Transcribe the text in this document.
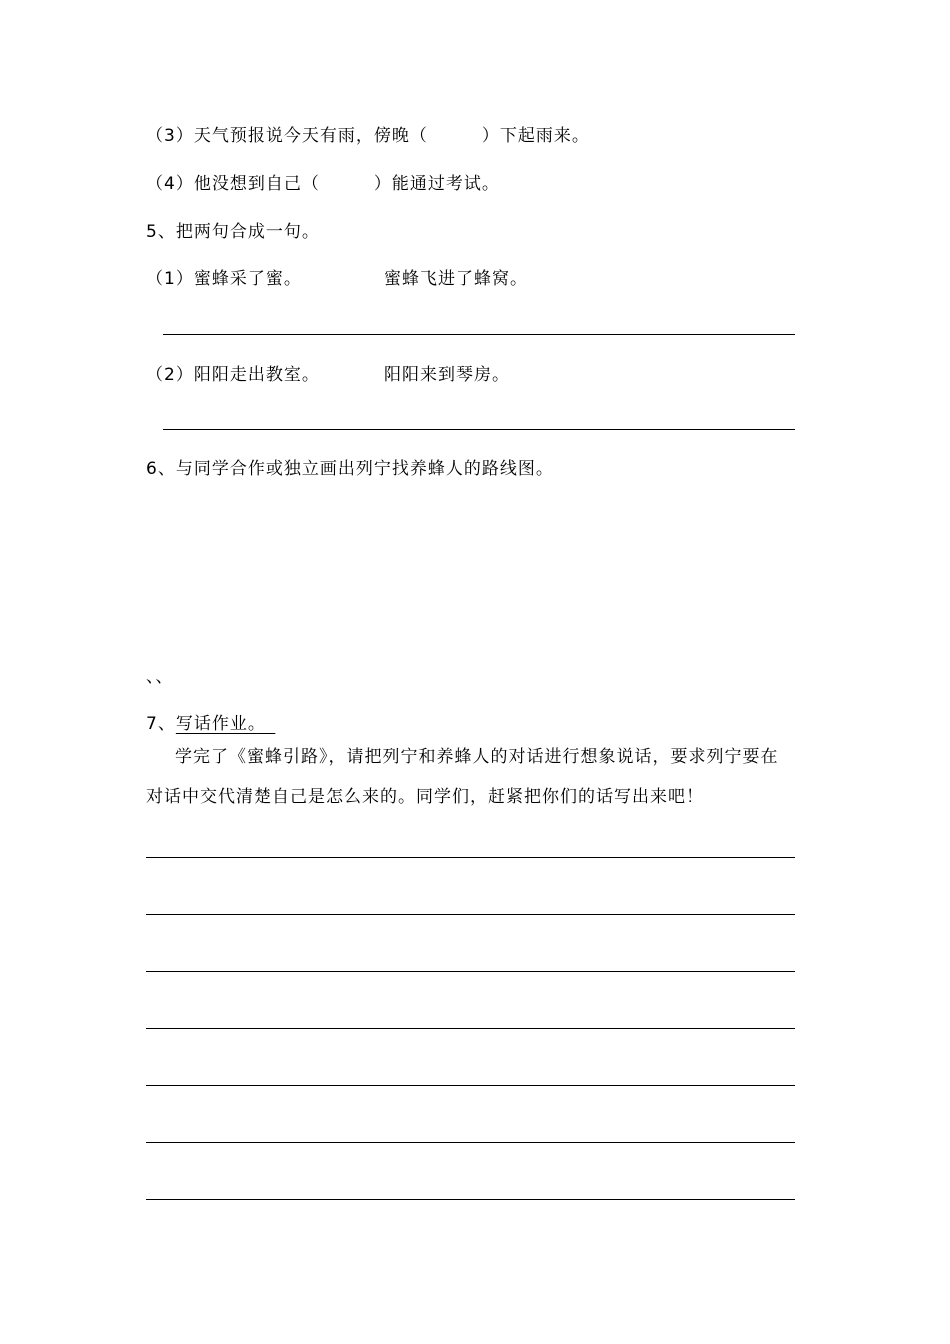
（3）天气预报说今天有雨，傍晚（　　　）下起雨来。
（4）他没想到自己（　　　）能通过考试。
5、把两句合成一句。
（1）蜜蜂采了蜜。	蜜蜂飞进了蜂窝。
（2）阳阳走出教室。	阳阳来到琴房。
6、与同学合作或独立画出列宁找养蜂人的路线图。
、、
7、写话作业。　
学完了《蜜蜂引路》，请把列宁和养蜂人的对话进行想象说话，要求列宁要在
对话中交代清楚自己是怎么来的。同学们，赶紧把你们的话写出来吧！
